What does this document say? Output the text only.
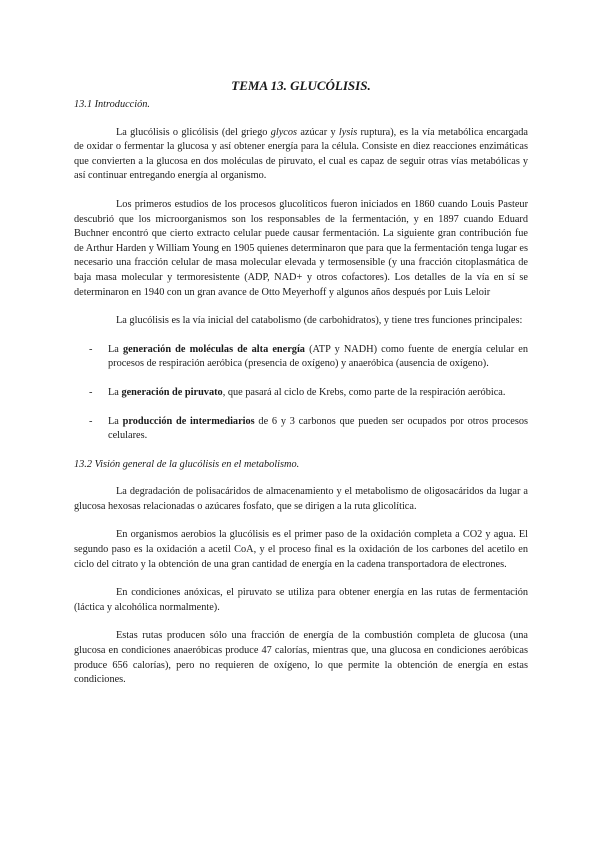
TEMA 13. GLUCÓLISIS.
13.1 Introducción.

La glucólisis o glicólisis (del griego glycos azúcar y lysis ruptura), es la vía metabólica encargada de oxidar o fermentar la glucosa y así obtener energía para la célula. Consiste en diez reacciones enzimáticas que convierten a la glucosa en dos moléculas de piruvato, el cual es capaz de seguir otras vías metabólicas y así continuar entregando energía al organismo.

Los primeros estudios de los procesos glucolíticos fueron iniciados en 1860 cuando Louis Pasteur descubrió que los microorganismos son los responsables de la fermentación, y en 1897 cuando Eduard Buchner encontró que cierto extracto celular puede causar fermentación. La siguiente gran contribución fue de Arthur Harden y William Young en 1905 quienes determinaron que para que la fermentación tenga lugar es necesario una fracción celular de masa molecular elevada y termosensible (y una fracción citoplasmática de baja masa molecular y termoresistente (ADP, NAD+ y otros cofactores). Los detalles de la vía en sí se determinaron en 1940 con un gran avance de Otto Meyerhoff y algunos años después por Luis Leloir

La glucólisis es la vía inicial del catabolismo (de carbohidratos), y tiene tres funciones principales:

- La generación de moléculas de alta energía (ATP y NADH) como fuente de energía celular en procesos de respiración aeróbica (presencia de oxígeno) y anaeróbica (ausencia de oxígeno).
- La generación de piruvato, que pasará al ciclo de Krebs, como parte de la respiración aeróbica.
- La producción de intermediarios de 6 y 3 carbonos que pueden ser ocupados por otros procesos celulares.
13.2 Visión general de la glucólisis en el metabolismo.

La degradación de polisacáridos de almacenamiento y el metabolismo de oligosacáridos da lugar a glucosa hexosas relacionadas o azúcares fosfato, que se dirigen a la ruta glicolítica.

En organismos aerobios la glucólisis es el primer paso de la oxidación completa a CO2 y agua. El segundo paso es la oxidación a acetil CoA, y el proceso final es la oxidación de los carbones del acetilo en ciclo del citrato y la obtención de una gran cantidad de energía en la cadena transportadora de electrones.

En condiciones anóxicas, el piruvato se utiliza para obtener energía en las rutas de fermentación (láctica y alcohólica normalmente).

Estas rutas producen sólo una fracción de energía de la combustión completa de glucosa (una glucosa en condiciones anaeróbicas produce 47 calorías, mientras que, una glucosa en condiciones aeróbicas produce 656 calorías), pero no requieren de oxígeno, lo que permite la obtención de energía en estas condiciones.
